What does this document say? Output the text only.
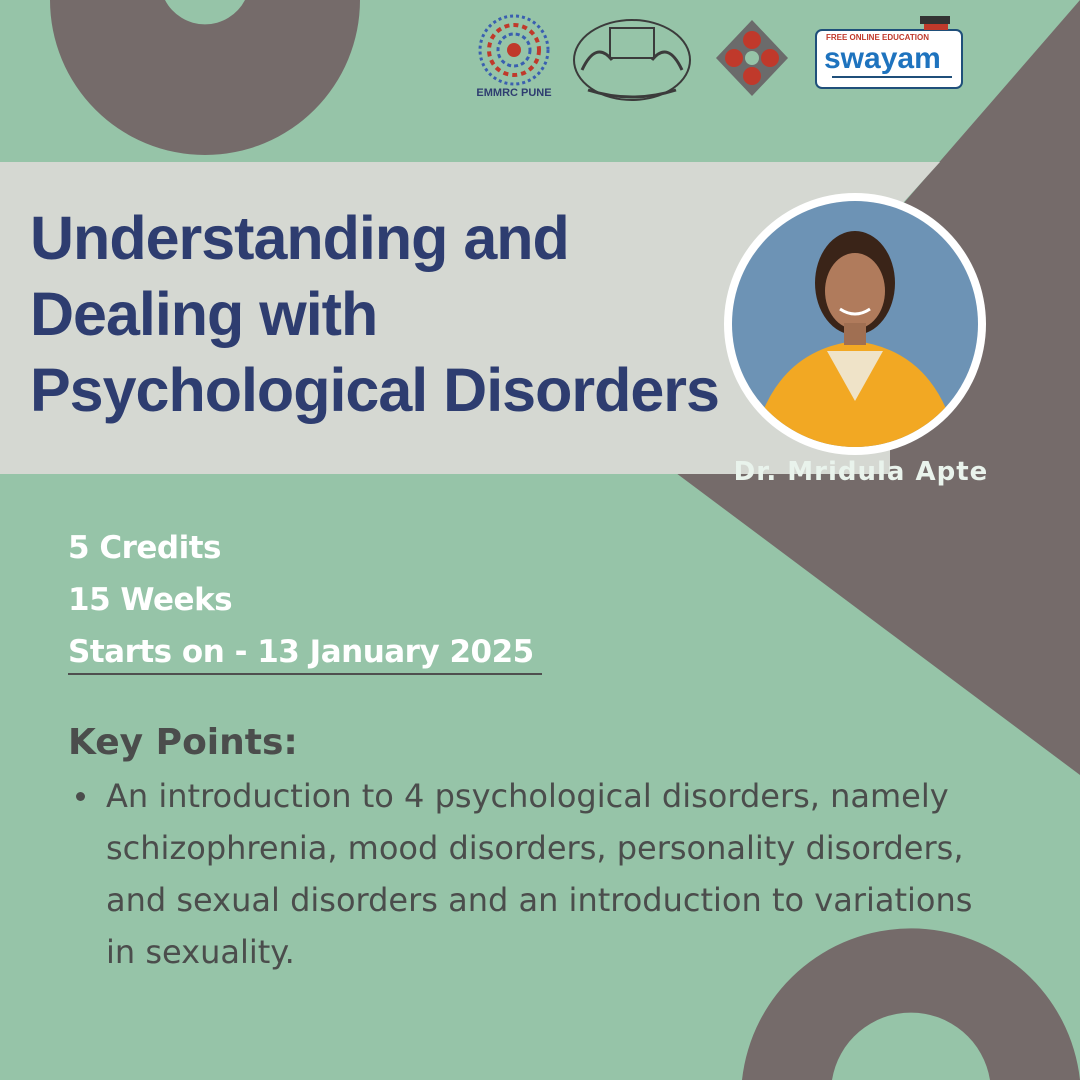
EMMRC PUNE
FREE ONLINE EDUCATION
swayam
Understanding and
Dealing with
Psychological Disorders
Dr. Mridula Apte
5 Credits
15 Weeks
Starts on - 13 January 2025
Key Points:
An introduction to 4 psychological disorders, namely schizophrenia, mood disorders, personality disorders, and sexual disorders and an introduction to variations in sexuality.
